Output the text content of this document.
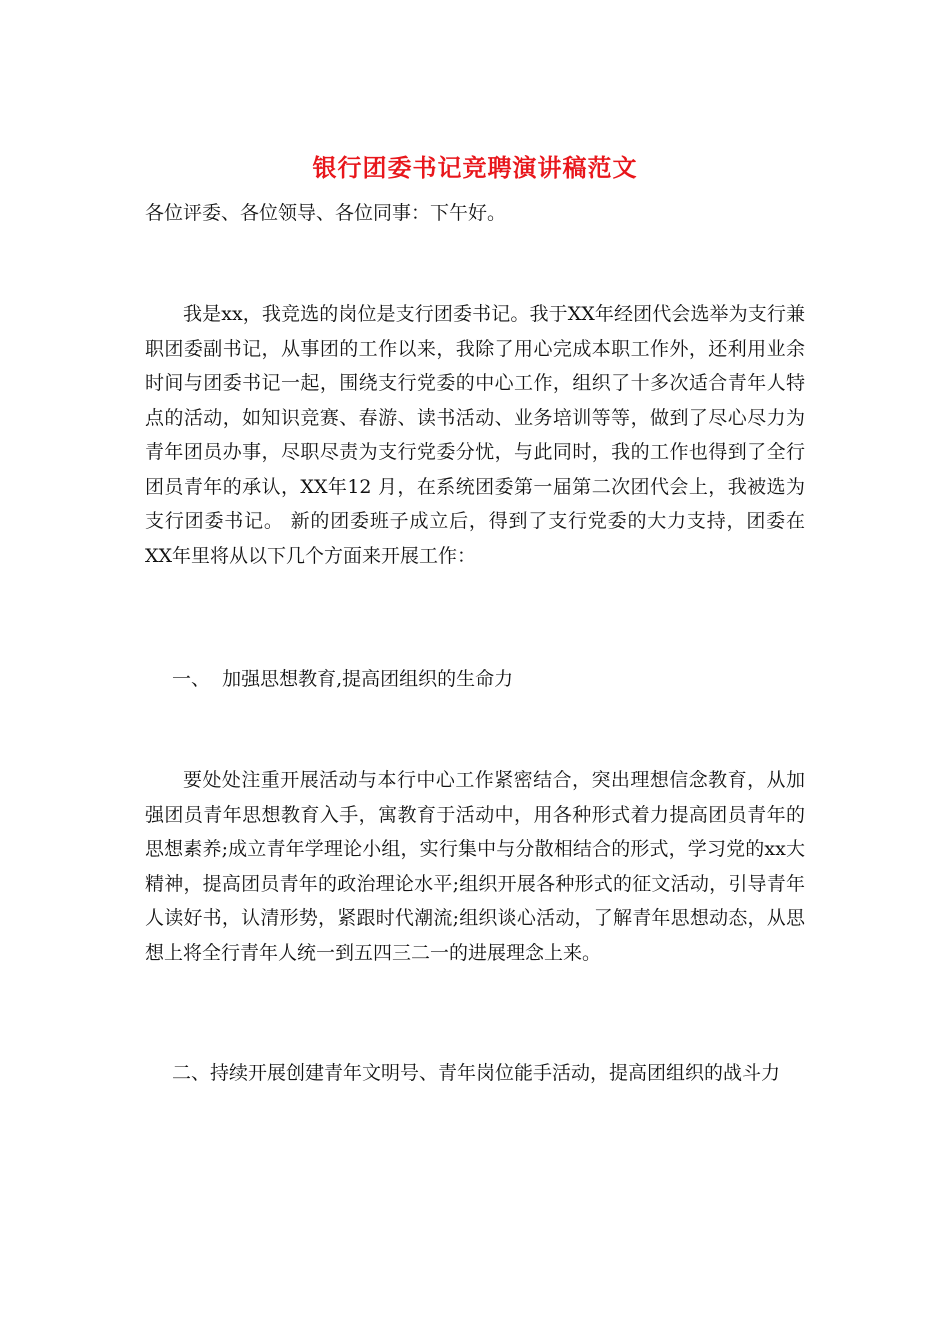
银行团委书记竞聘演讲稿范文
各位评委、各位领导、各位同事：下午好。

我是xx，我竞选的岗位是支行团委书记。我于XX年经团代会选举为支行兼职团委副书记，从事团的工作以来，我除了用心完成本职工作外，还利用业余时间与团委书记一起，围绕支行党委的中心工作，组织了十多次适合青年人特点的活动，如知识竞赛、春游、读书活动、业务培训等等，做到了尽心尽力为青年团员办事，尽职尽责为支行党委分忧，与此同时，我的工作也得到了全行团员青年的承认，XX年12 月，在系统团委第一届第二次团代会上，我被选为支行团委书记。 新的团委班子成立后，得到了支行党委的大力支持，团委在XX年里将从以下几个方面来开展工作：

一、  加强思想教育,提高团组织的生命力

要处处注重开展活动与本行中心工作紧密结合，突出理想信念教育，从加强团员青年思想教育入手，寓教育于活动中，用各种形式着力提高团员青年的思想素养;成立青年学理论小组，实行集中与分散相结合的形式，学习党的xx大精神，提高团员青年的政治理论水平;组织开展各种形式的征文活动，引导青年人读好书，认清形势，紧跟时代潮流;组织谈心活动，了解青年思想动态，从思想上将全行青年人统一到五四三二一的进展理念上来。

二、持续开展创建青年文明号、青年岗位能手活动，提高团组织的战斗力
